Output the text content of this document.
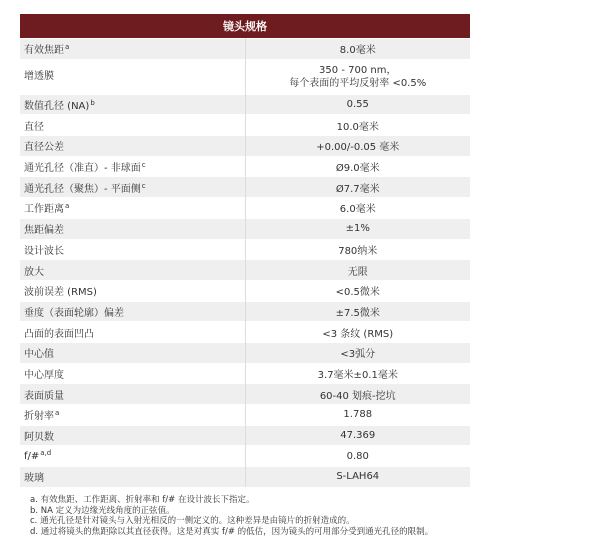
镜头规格	
有效焦距$^a$	8.0毫米
增透膜	350 - 700 nm，
每个表面的平均反射率 <0.5%

数值孔径 (NA)$^b$	0.55
直径	10.0毫米
直径公差	+0.00/-0.05 毫米
通光孔径（准直）- 非球面$^c$	Ø9.0毫米
通光孔径（聚焦）- 平面侧$^c$	Ø7.7毫米
工作距离$^a$	6.0毫米
焦距偏差	±1%
设计波长	780纳米
放大	无限
波前误差 (RMS)	<0.5微米
垂度（表面轮廓）偏差	±7.5微米
凸面的表面凹凸	<3 条纹 (RMS)
中心值	<3弧分
中心厚度	3.7毫米±0.1毫米
表面质量	60-40 划痕-挖坑
折射率$^a$	1.788
阿贝数	47.369
f/#$^{a,d}$	0.80
玻璃	S-LAH64
a. 有效焦距、工作距离、折射率和 f/# 在设计波长下指定。
b. NA 定义为边缘光线角度的正弦值。
c. 通光孔径是针对镜头与入射光相反的一侧定义的。这种差异是由镜片的折射造成的。
d. 通过将镜头的焦距除以其直径获得。这是对真实 f/# 的低估，因为镜头的可用部分受到通光孔径的限制。
